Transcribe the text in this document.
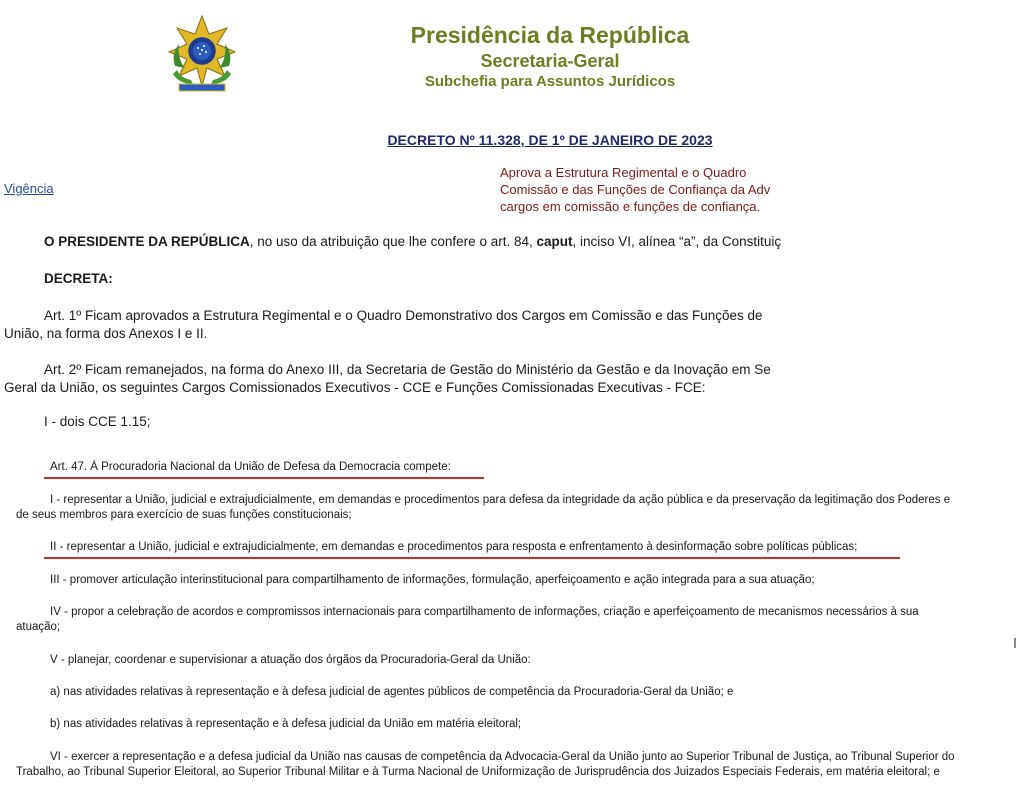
Presidência da República
Secretaria-Geral
Subchefia para Assuntos Jurídicos
DECRETO Nº 11.328, DE 1º DE JANEIRO DE 2023
Vigência
Aprova a Estrutura Regimental e o Quadro
Comissão e das Funções de Confiança da Adv
cargos em comissão e funções de confiança.
O PRESIDENTE DA REPÚBLICA, no uso da atribuição que lhe confere o art. 84, caput, inciso VI, alínea “a”, da Constituiç
DECRETA:
Art. 1º Ficam aprovados a Estrutura Regimental e o Quadro Demonstrativo dos Cargos em Comissão e das Funções de
União, na forma dos Anexos I e II.
Art. 2º Ficam remanejados, na forma do Anexo III, da Secretaria de Gestão do Ministério da Gestão e da Inovação em Se
Geral da União, os seguintes Cargos Comissionados Executivos - CCE e Funções Comissionadas Executivas - FCE:
I - dois CCE 1.15;
Art. 47. À Procuradoria Nacional da União de Defesa da Democracia compete:
I - representar a União, judicial e extrajudicialmente, em demandas e procedimentos para defesa da integridade da ação pública e da preservação da legitimação dos Poderes e
de seus membros para exercício de suas funções constitucionais;
II - representar a União, judicial e extrajudicialmente, em demandas e procedimentos para resposta e enfrentamento à desinformação sobre políticas públicas;
III - promover articulação interinstitucional para compartilhamento de informações, formulação, aperfeiçoamento e ação integrada para a sua atuação;
IV - propor a celebração de acordos e compromissos internacionais para compartilhamento de informações, criação e aperfeiçoamento de mecanismos necessários à sua
atuação;
V - planejar, coordenar e supervisionar a atuação dos órgãos da Procuradoria-Geral da União:
a) nas atividades relativas à representação e à defesa judicial de agentes públicos de competência da Procuradoria-Geral da União; e
b) nas atividades relativas à representação e à defesa judicial da União em matéria eleitoral;
VI - exercer a representação e a defesa judicial da União nas causas de competência da Advocacia-Geral da União junto ao Superior Tribunal de Justiça, ao Tribunal Superior do
Trabalho, ao Tribunal Superior Eleitoral, ao Superior Tribunal Militar e à Turma Nacional de Uniformização de Jurisprudência dos Juizados Especiais Federais, em matéria eleitoral; e
